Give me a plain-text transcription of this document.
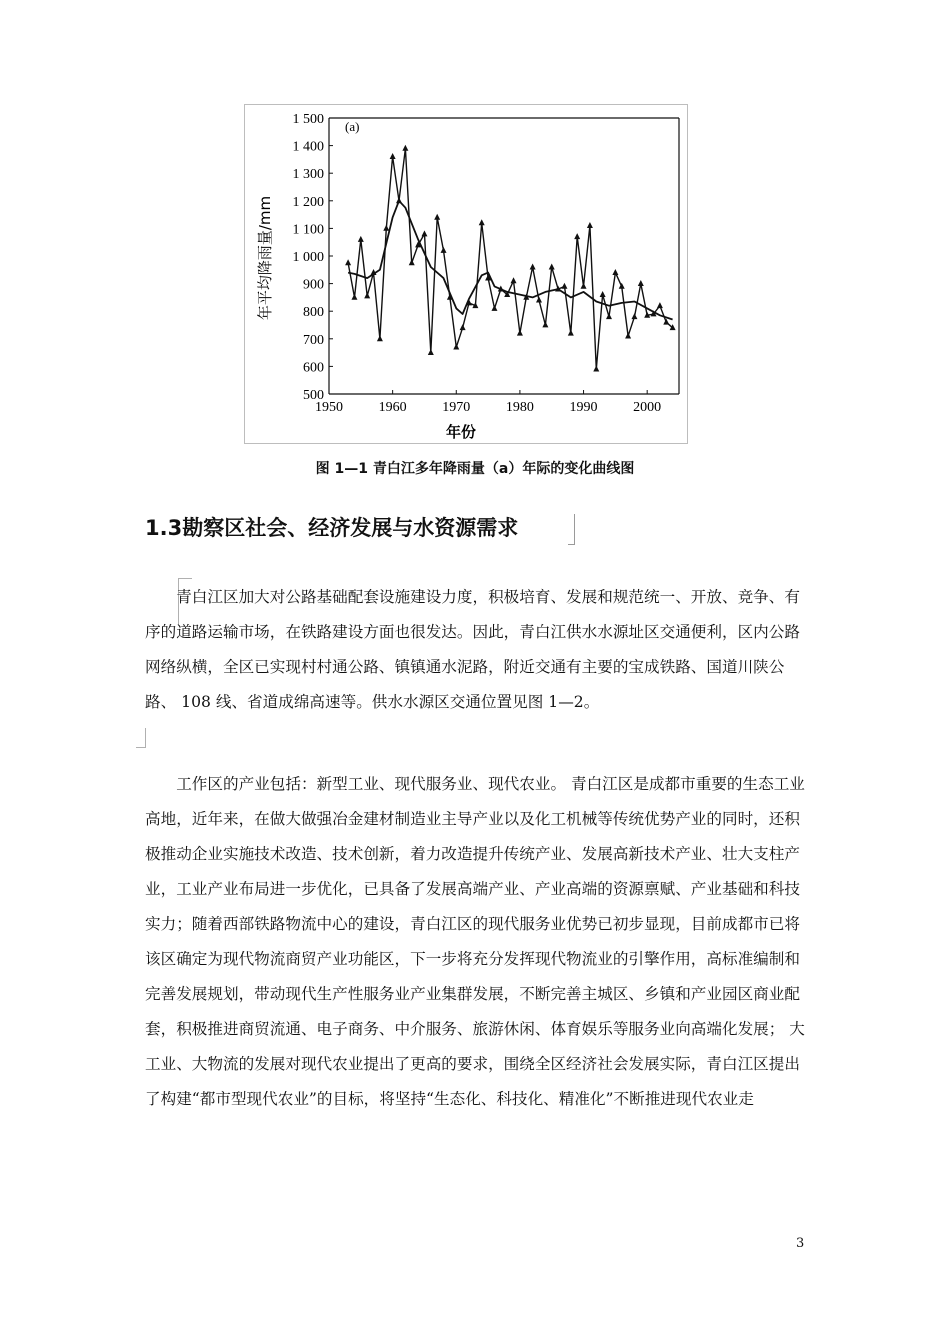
1 500
1 400
1 300
1 200
1 100
1 000
900
800
700
600
500
1950	1960	1970	1980	1990	2000
(a)
年平均降雨量/mm
年份
图 1—1 青白江多年降雨量（a）年际的变化曲线图
1.3勘察区社会、经济发展与水资源需求

青白江区加大对公路基础配套设施建设力度，积极培育、发展和规范统一、开放、竞争、有序的道路运输市场，在铁路建设方面也很发达。因此，青白江供水水源址区交通便利，区内公路网络纵横，全区已实现村村通公路、镇镇通水泥路，附近交通有主要的宝成铁路、国道川陕公路、 108 线、省道成绵高速等。供水水源区交通位置见图 1—2。

工作区的产业包括：新型工业、现代服务业、现代农业。 青白江区是成都市重要的生态工业高地，近年来，在做大做强冶金建材制造业主导产业以及化工机械等传统优势产业的同时，还积极推动企业实施技术改造、技术创新，着力改造提升传统产业、发展高新技术产业、壮大支柱产业，工业产业布局进一步优化，已具备了发展高端产业、产业高端的资源禀赋、产业基础和科技实力；随着西部铁路物流中心的建设，青白江区的现代服务业优势已初步显现，目前成都市已将该区确定为现代物流商贸产业功能区，下一步将充分发挥现代物流业的引擎作用，高标准编制和完善发展规划，带动现代生产性服务业产业集群发展，不断完善主城区、乡镇和产业园区商业配套，积极推进商贸流通、电子商务、中介服务、旅游休闲、体育娱乐等服务业向高端化发展； 大工业、大物流的发展对现代农业提出了更高的要求，围绕全区经济社会发展实际，青白江区提出了构建“都市型现代农业”的目标，将坚持“生态化、科技化、精准化”不断推进现代农业走

3
